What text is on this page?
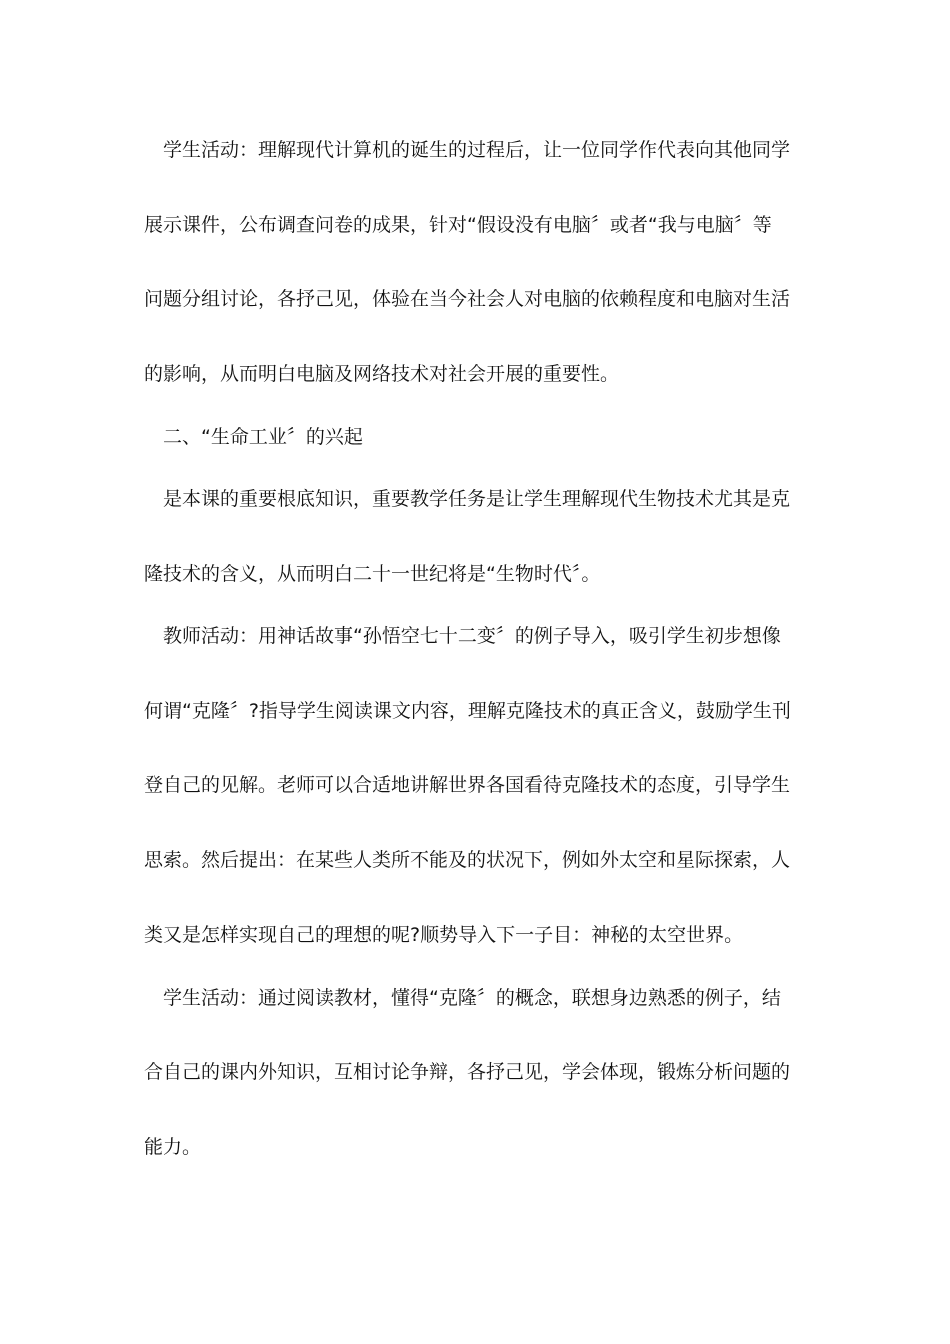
学生活动：理解现代计算机的诞生的过程后，让一位同学作代表向其他同学
展示课件，公布调查问卷的成果，针对“假设没有电脑〞或者“我与电脑〞等
问题分组讨论，各抒己见，体验在当今社会人对电脑的依赖程度和电脑对生活
的影响，从而明白电脑及网络技术对社会开展的重要性。
二、“生命工业〞的兴起
是本课的重要根底知识，重要教学任务是让学生理解现代生物技术尤其是克
隆技术的含义，从而明白二十一世纪将是“生物时代〞。
教师活动：用神话故事“孙悟空七十二变〞的例子导入，吸引学生初步想像
何谓“克隆〞?指导学生阅读课文内容，理解克隆技术的真正含义，鼓励学生刊
登自己的见解。老师可以合适地讲解世界各国看待克隆技术的态度，引导学生
思索。然后提出：在某些人类所不能及的状况下，例如外太空和星际探索，人
类又是怎样实现自己的理想的呢?顺势导入下一子目：神秘的太空世界。
学生活动：通过阅读教材，懂得“克隆〞的概念，联想身边熟悉的例子，结
合自己的课内外知识，互相讨论争辩，各抒己见，学会体现，锻炼分析问题的
能力。
